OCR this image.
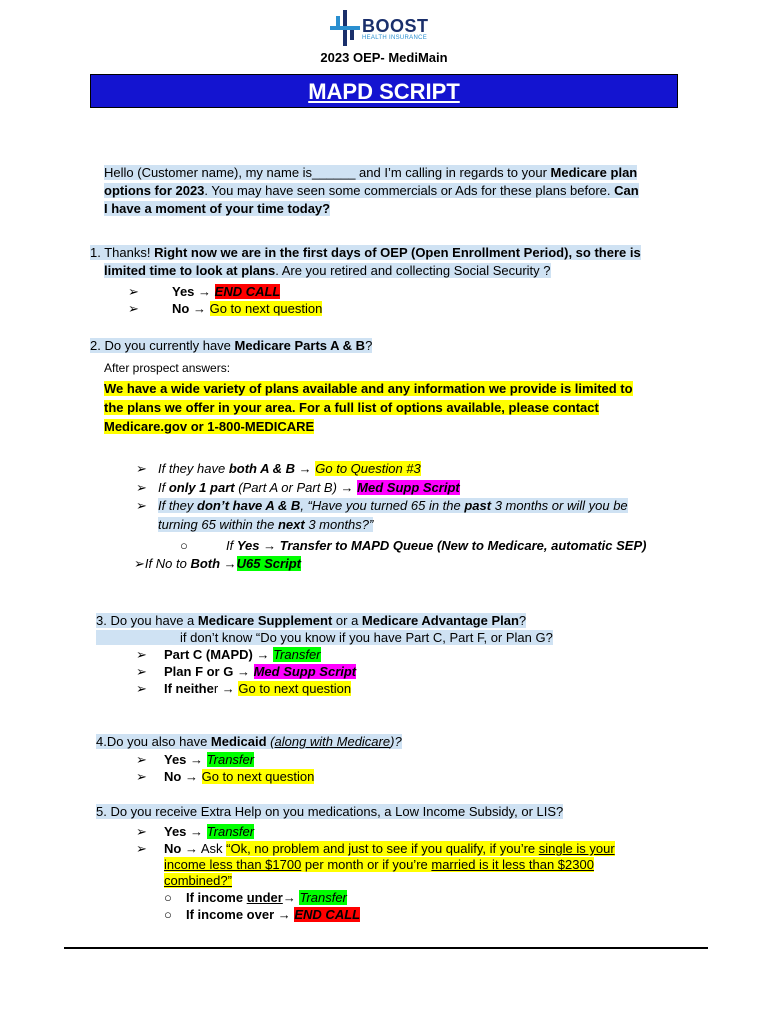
BOOST
HEALTH INSURANCE
2023 OEP- MediMain
MAPD SCRIPT
Hello (Customer name), my name is______ and I’m calling in regards to your Medicare plan
options for 2023. You may have seen some commercials or Ads for these plans before. Can
I have a moment of your time today?
1. Thanks! Right now we are in the first days of OEP (Open Enrollment Period), so there is
limited time to look at plans. Are you retired and collecting Social Security ?
➢	Yes → END CALL
➢	No → Go to next question
2. Do you currently have Medicare Parts A & B?
After prospect answers:
We have a wide variety of plans available and any information we provide is limited to
the plans we offer in your area. For a full list of options available, please contact
Medicare.gov or 1-800-MEDICARE
➢ If they have both A & B → Go to Question #3
➢ If only 1 part (Part A or Part B) → Med Supp Script
➢ If they don’t have A & B, “Have you turned 65 in the past 3 months or will you be
turning 65 within the next 3 months?”
○	If Yes → Transfer to MAPD Queue (New to Medicare, automatic SEP)
➢If No to Both →U65 Script
3. Do you have a Medicare Supplement or a Medicare Advantage Plan?
if don’t know “Do you know if you have Part C, Part F, or Plan G?
➢ Part C (MAPD) → Transfer
➢ Plan F or G → Med Supp Script
➢ If neither → Go to next question
4.Do you also have Medicaid (along with Medicare)?
➢ Yes → Transfer
➢ No → Go to next question
5. Do you receive Extra Help on you medications, a Low Income Subsidy, or LIS?
➢ Yes → Transfer
➢ No → Ask “Ok, no problem and just to see if you qualify, if you’re single is your
income less than $1700 per month or if you’re married is it less than $2300
combined?”
○ If income under→ Transfer
○ If income over → END CALL
